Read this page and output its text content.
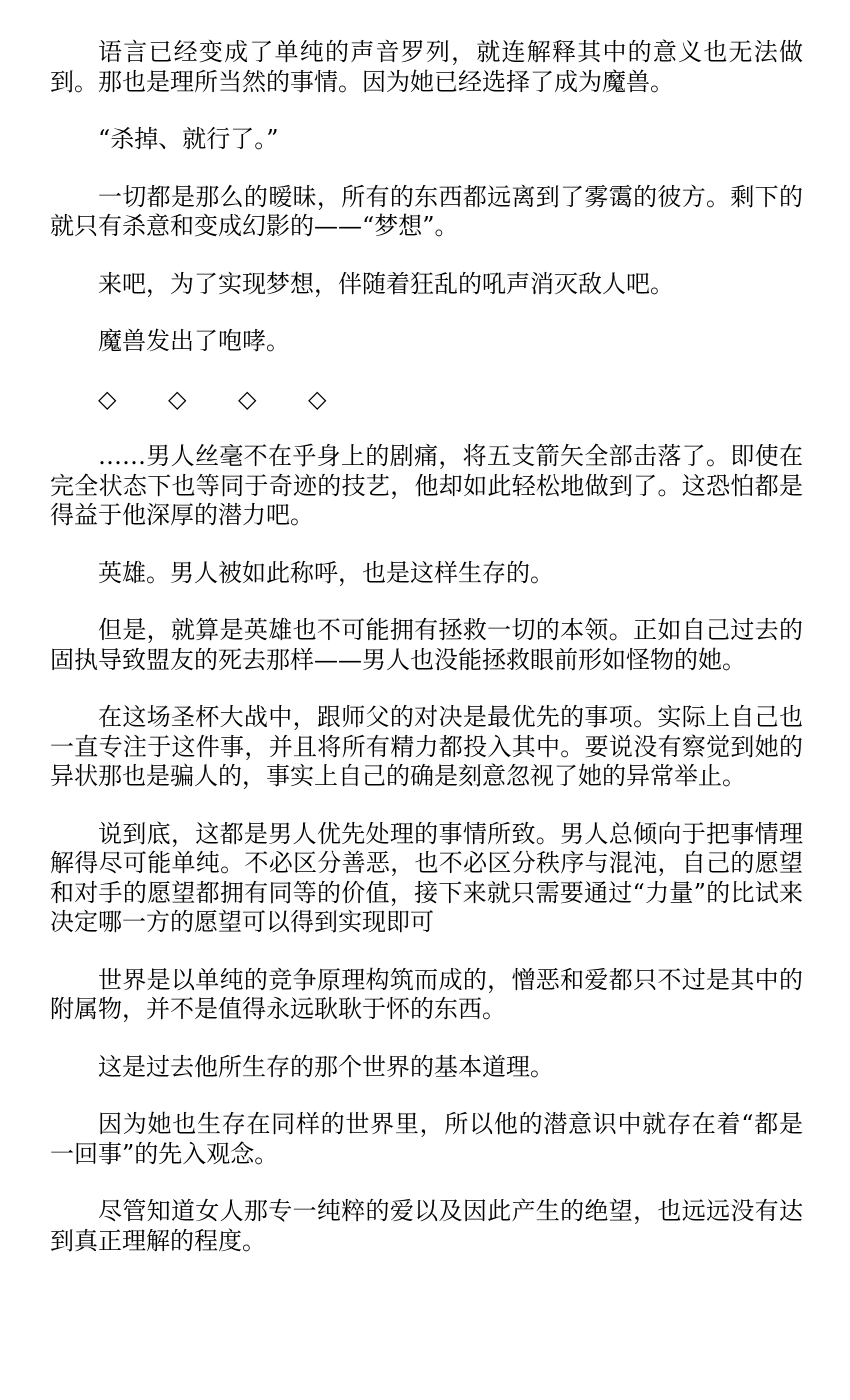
语言已经变成了单纯的声音罗列，就连解释其中的意义也无法做到。那也是理所当然的事情。因为她已经选择了成为魔兽。

“杀掉、就行了。”

一切都是那么的暧昧，所有的东西都远离到了雾霭的彼方。剩下的就只有杀意和变成幻影的——“梦想”。

来吧，为了实现梦想，伴随着狂乱的吼声消灭敌人吧。

魔兽发出了咆哮。

◇ ◇ ◇ ◇

……男人丝毫不在乎身上的剧痛，将五支箭矢全部击落了。即使在完全状态下也等同于奇迹的技艺，他却如此轻松地做到了。这恐怕都是得益于他深厚的潜力吧。

英雄。男人被如此称呼，也是这样生存的。

但是，就算是英雄也不可能拥有拯救一切的本领。正如自己过去的固执导致盟友的死去那样——男人也没能拯救眼前形如怪物的她。

在这场圣杯大战中，跟师父的对决是最优先的事项。实际上自己也一直专注于这件事，并且将所有精力都投入其中。要说没有察觉到她的异状那也是骗人的，事实上自己的确是刻意忽视了她的异常举止。

说到底，这都是男人优先处理的事情所致。男人总倾向于把事情理解得尽可能单纯。不必区分善恶，也不必区分秩序与混沌，自己的愿望和对手的愿望都拥有同等的价值，接下来就只需要通过“力量”的比试来决定哪一方的愿望可以得到实现即可

世界是以单纯的竞争原理构筑而成的，憎恶和爱都只不过是其中的附属物，并不是值得永远耿耿于怀的东西。

这是过去他所生存的那个世界的基本道理。

因为她也生存在同样的世界里，所以他的潜意识中就存在着“都是一回事”的先入观念。

尽管知道女人那专一纯粹的爱以及因此产生的绝望，也远远没有达到真正理解的程度。
